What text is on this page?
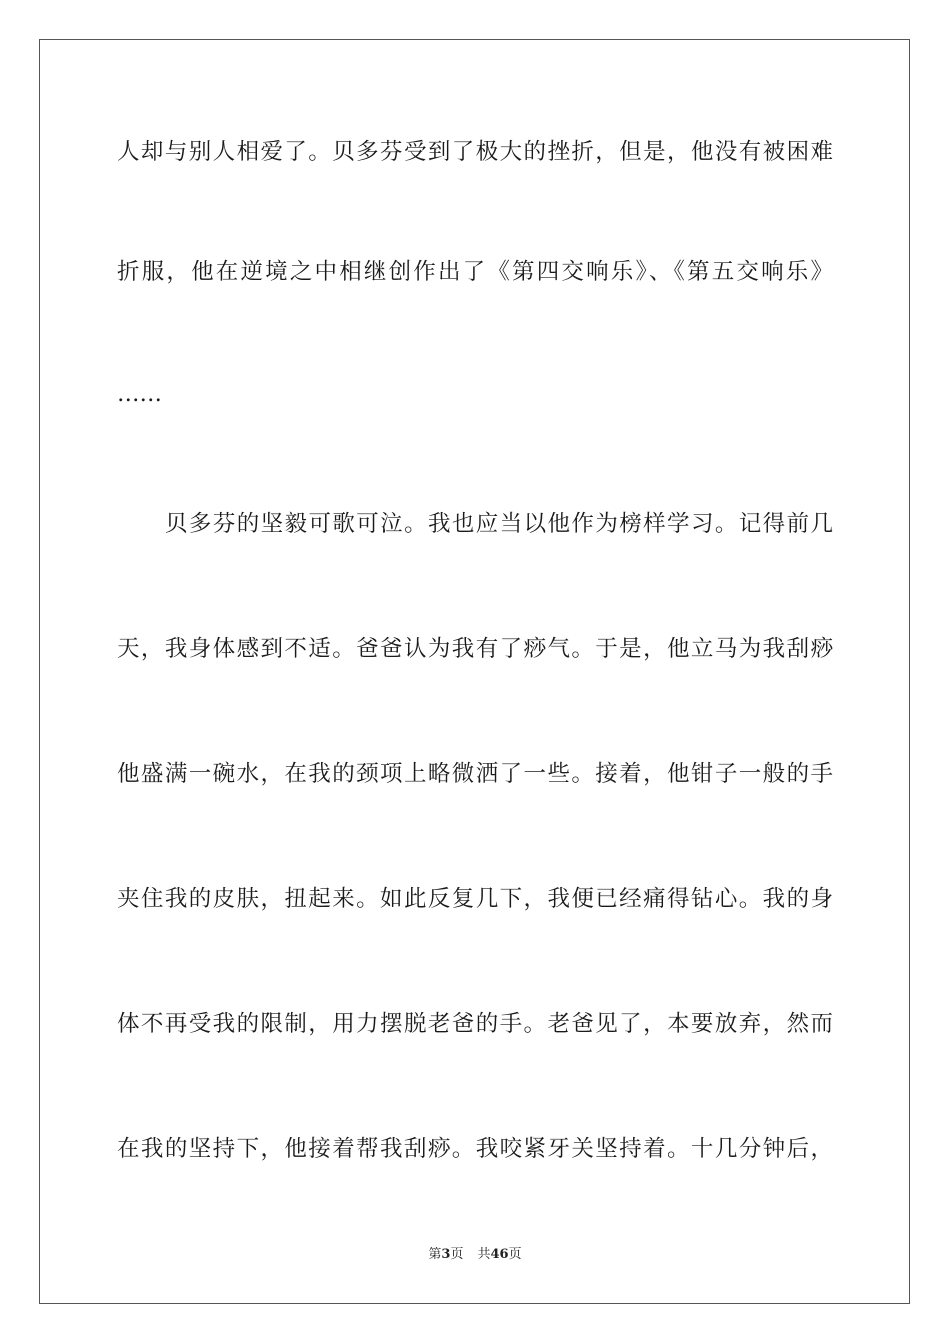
人却与别人相爱了。贝多芬受到了极大的挫折，但是，他没有被困难
折服，他在逆境之中相继创作出了《第四交响乐》、《第五交响乐》
……
贝多芬的坚毅可歌可泣。我也应当以他作为榜样学习。记得前几
天，我身体感到不适。爸爸认为我有了痧气。于是，他立马为我刮痧
他盛满一碗水，在我的颈项上略微洒了一些。接着，他钳子一般的手
夹住我的皮肤，扭起来。如此反复几下，我便已经痛得钻心。我的身
体不再受我的限制，用力摆脱老爸的手。老爸见了，本要放弃，然而
在我的坚持下，他接着帮我刮痧。我咬紧牙关坚持着。十几分钟后，
第3页 共46页
